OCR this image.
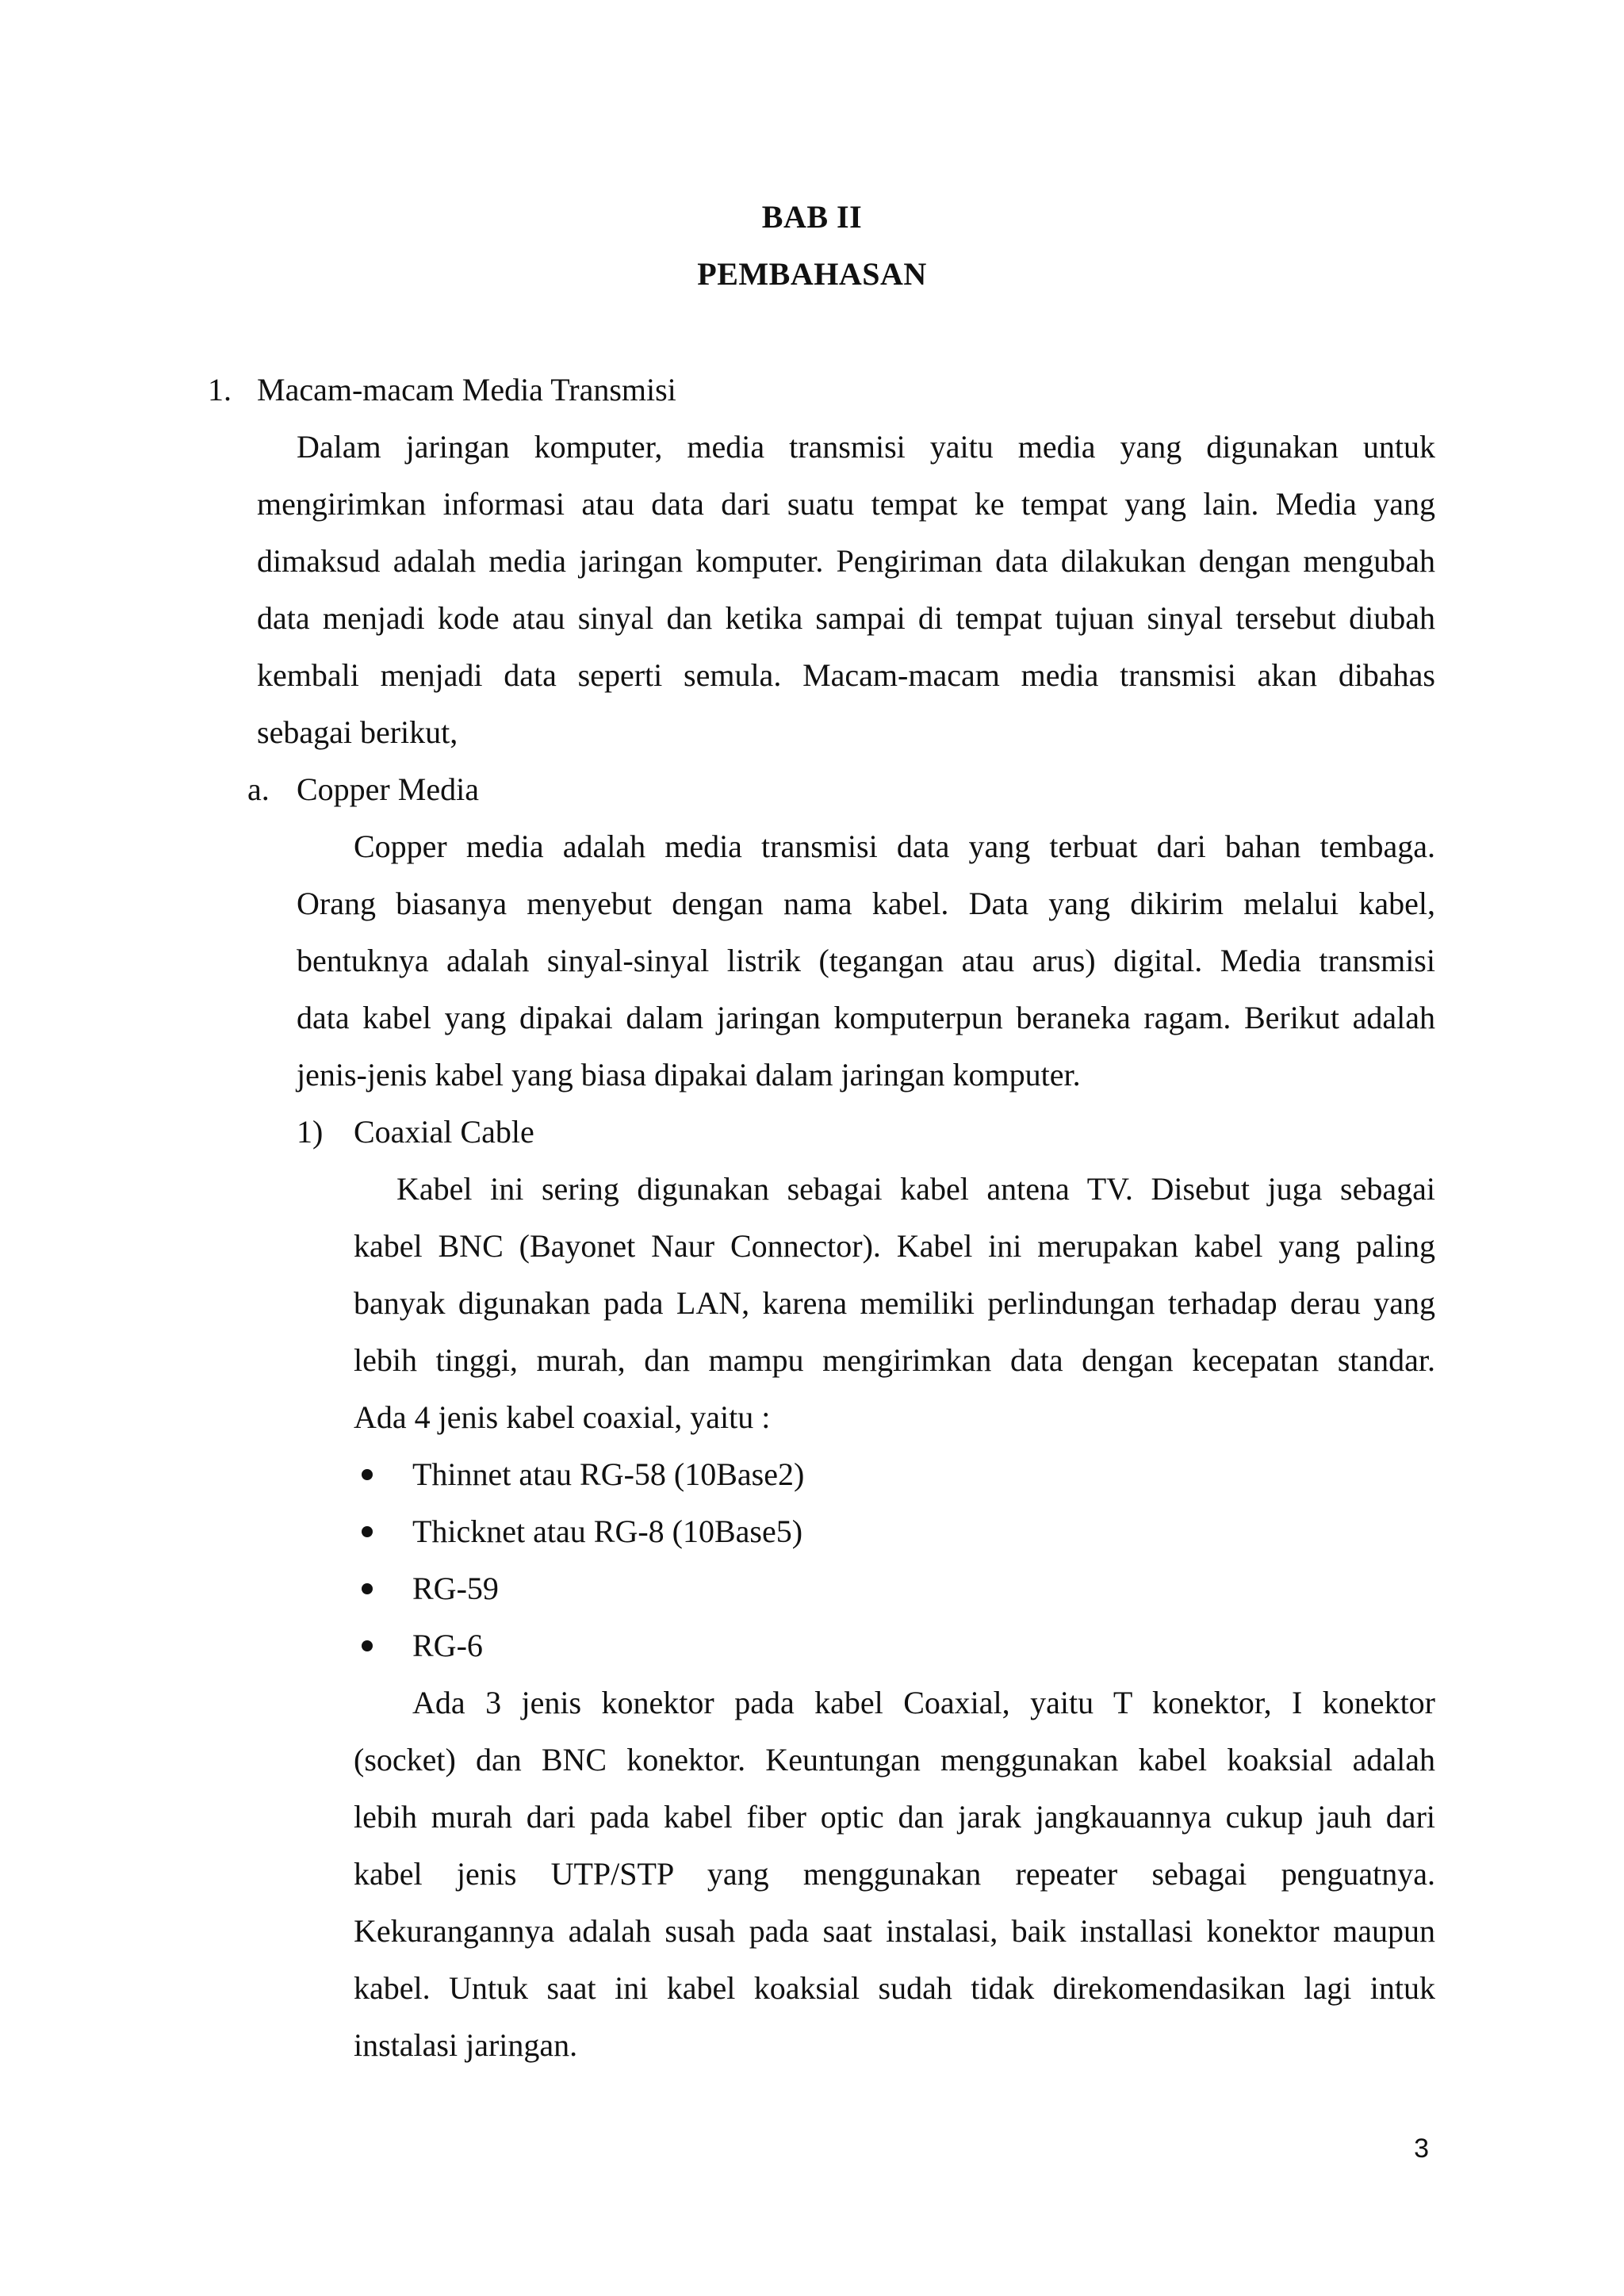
BAB II
PEMBAHASAN
1. Macam-macam Media Transmisi
Dalam jaringan komputer, media transmisi yaitu media yang digunakan untuk
mengirimkan informasi atau data dari suatu tempat ke tempat yang lain. Media yang
dimaksud adalah media jaringan komputer. Pengiriman data dilakukan dengan mengubah
data menjadi kode atau sinyal dan ketika sampai di tempat tujuan sinyal tersebut diubah
kembali menjadi data seperti semula. Macam-macam media transmisi akan dibahas
sebagai berikut,
a. Copper Media
Copper media adalah media transmisi data yang terbuat dari bahan tembaga.
Orang biasanya menyebut dengan nama kabel. Data yang dikirim melalui kabel,
bentuknya adalah sinyal-sinyal listrik (tegangan atau arus) digital. Media transmisi
data kabel yang dipakai dalam jaringan komputerpun beraneka ragam. Berikut adalah
jenis-jenis kabel yang biasa dipakai dalam jaringan komputer.
1) Coaxial Cable
Kabel ini sering digunakan sebagai kabel antena TV. Disebut juga sebagai
kabel BNC (Bayonet Naur Connector). Kabel ini merupakan kabel yang paling
banyak digunakan pada LAN, karena memiliki perlindungan terhadap derau yang
lebih tinggi, murah, dan mampu mengirimkan data dengan kecepatan standar.
Ada 4 jenis kabel coaxial, yaitu :
Thinnet atau RG-58 (10Base2)
Thicknet atau RG-8 (10Base5)
RG-59
RG-6
Ada 3 jenis konektor pada kabel Coaxial, yaitu T konektor, I konektor
(socket) dan BNC konektor. Keuntungan menggunakan kabel koaksial adalah
lebih murah dari pada kabel fiber optic dan jarak jangkauannya cukup jauh dari
kabel jenis UTP/STP yang menggunakan repeater sebagai penguatnya.
Kekurangannya adalah susah pada saat instalasi, baik installasi konektor maupun
kabel. Untuk saat ini kabel koaksial sudah tidak direkomendasikan lagi intuk
instalasi jaringan.
3
